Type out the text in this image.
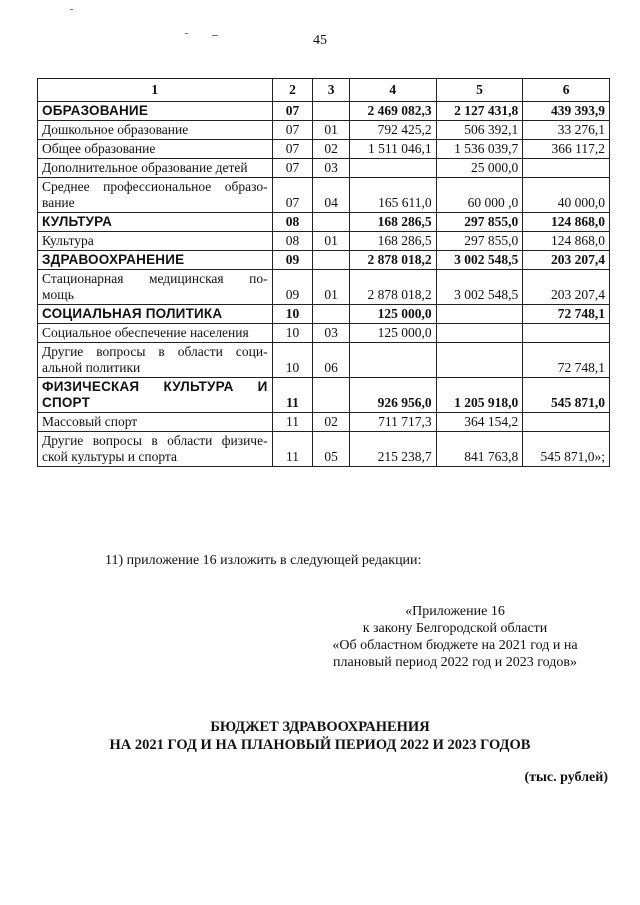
45
1	2	3	4	5	6
ОБРАЗОВАНИЕ	07		2 469 082,3	2 127 431,8	439 393,9
Дошкольное образование	07	01	792 425,2	506 392,1	33 276,1
Общее образование	07	02	1 511 046,1	1 536 039,7	366 117,2
Дополнительное образование детей	07	03		25 000,0	

Среднее профессиональное образо-
вание	07	04	165 611,0	60 000 ,0	40 000,0
КУЛЬТУРА	08		168 286,5	297 855,0	124 868,0
Культура	08	01	168 286,5	297 855,0	124 868,0
ЗДРАВООХРАНЕНИЕ	09		2 878 018,2	3 002 548,5	203 207,4

Стационарная медицинская по-
мощь	09	01	2 878 018,2	3 002 548,5	203 207,4
СОЦИАЛЬНАЯ ПОЛИТИКА	10		125 000,0		72 748,1
Социальное обеспечение населения	10	03	125 000,0		

Другие вопросы в области соци-
альной политики	10	06			72 748,1

ФИЗИЧЕСКАЯ КУЛЬТУРА И
СПОРТ	11		926 956,0	1 205 918,0	545 871,0
Массовый спорт	11	02	711 717,3	364 154,2	

Другие вопросы в области физиче-
ской культуры и спорта	11	05	215 238,7	841 763,8	545 871,0»;
11) приложение 16 изложить в следующей редакции:
«Приложение 16
к закону Белгородской области
«Об областном бюджете на 2021 год и на
плановый период 2022 год и 2023 годов»
БЮДЖЕТ ЗДРАВООХРАНЕНИЯ
НА 2021 ГОД И НА ПЛАНОВЫЙ ПЕРИОД 2022 И 2023 ГОДОВ
(тыс. рублей)
